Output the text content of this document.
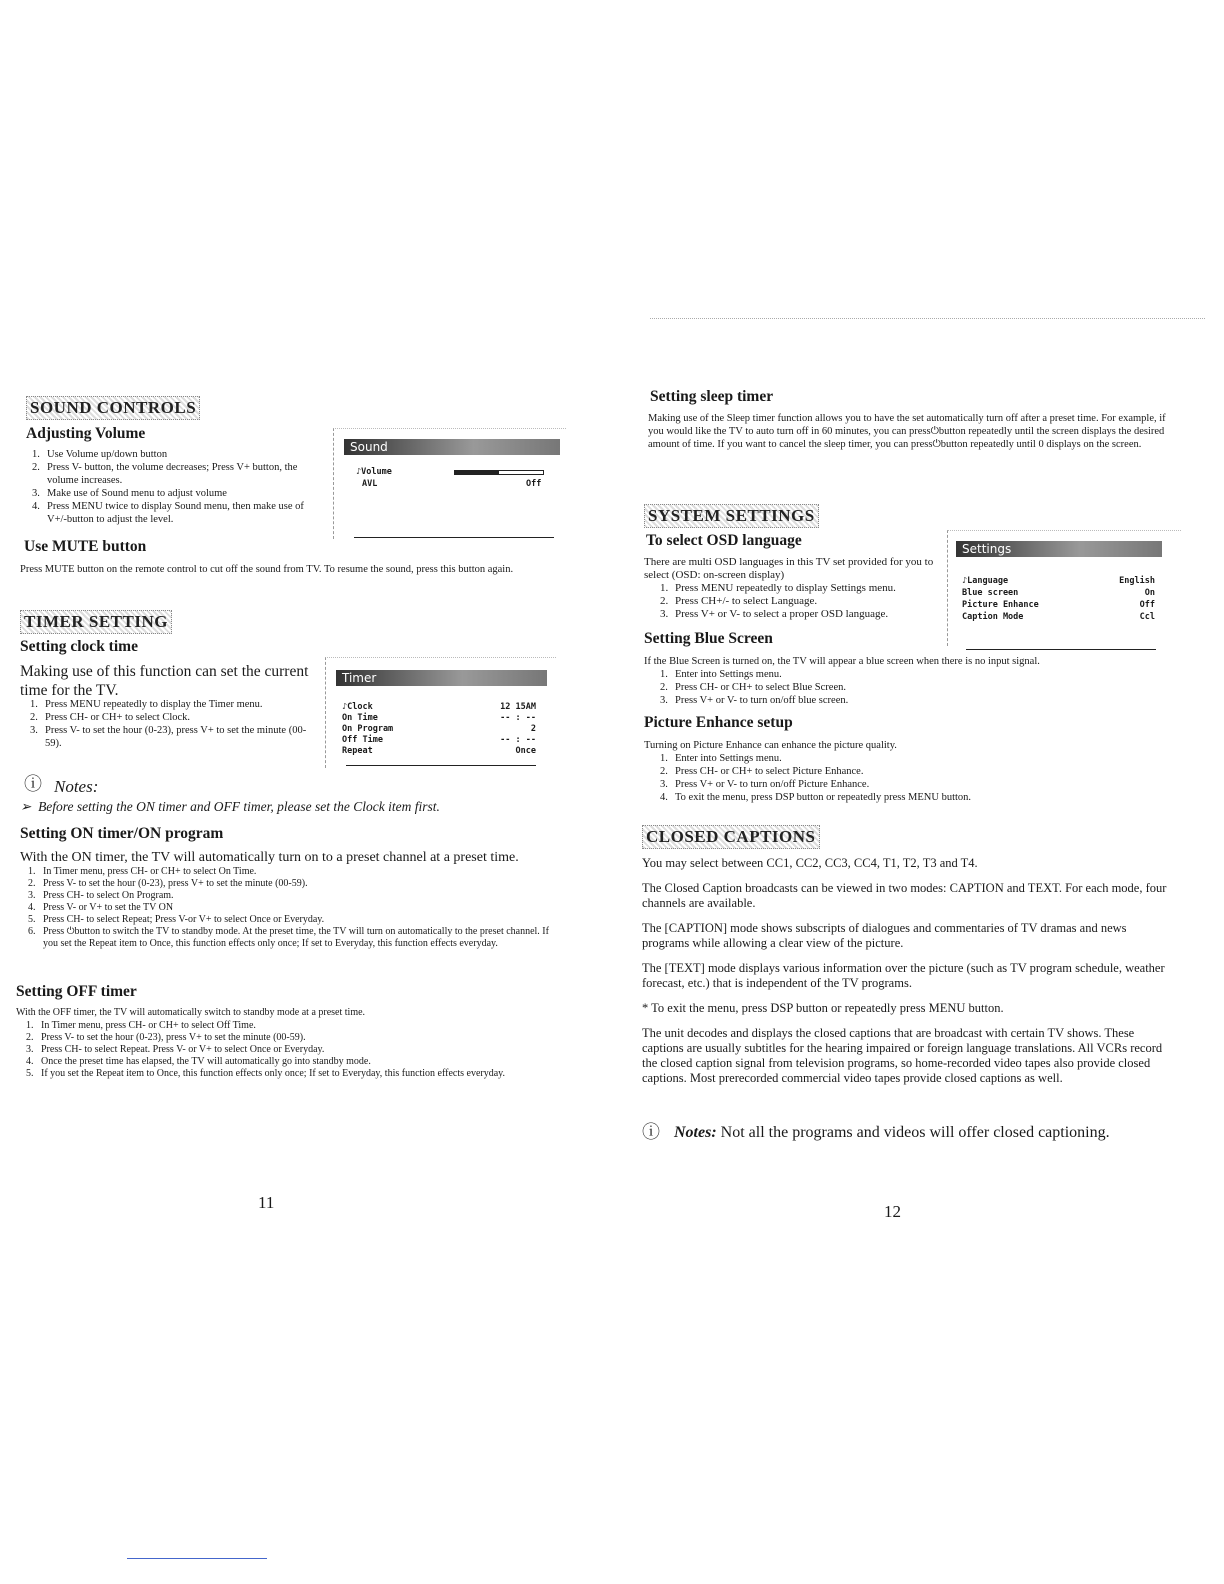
SOUND CONTROLS
Adjusting Volume
1. Use Volume up/down button
2. Press V- button, the volume decreases; Press V+ button, the volume increases.
3. Make use of Sound menu to adjust volume
4. Press MENU twice to display Sound menu, then make use of V+/-button to adjust the level.
Sound
♪Volume
AVL	Off
Use MUTE button
Press MUTE button on the remote control to cut off the sound from TV. To resume the sound, press this button again.
TIMER SETTING
Setting clock time
Making use of this function can set the current time for the TV.
1. Press MENU repeatedly to display the Timer menu.
2. Press CH- or CH+ to select Clock.
3. Press V- to set the hour (0-23), press V+ to set the minute (00-59).
Timer
♪Clock	12 15AM
On Time	-- : --
On Program	2
Off Time	-- : --
Repeat	Once
ⓘ Notes:
➢  Before setting the ON timer and OFF timer, please set the Clock item first.
Setting ON timer/ON program
With the ON timer, the TV will automatically turn on to a preset channel at a preset time.
1. In Timer menu, press CH- or CH+ to select On Time.
2. Press V- to set the hour (0-23), press V+ to set the minute (00-59).
3. Press CH- to select On Program.
4. Press V- or V+ to set the TV ON
5. Press CH- to select Repeat; Press V-or V+ to select Once or Everyday.
6. Press ⏻button to switch the TV to standby mode. At the preset time, the TV will turn on automatically to the preset channel. If you set the Repeat item to Once, this function effects only once; If set to Everyday, this function effects everyday.
Setting OFF timer
With the OFF timer, the TV will automatically switch to standby mode at a preset time.
1. In Timer menu, press CH- or CH+ to select Off Time.
2. Press V- to set the hour (0-23), press V+ to set the minute (00-59).
3. Press CH- to select Repeat. Press V- or V+ to select Once or Everyday.
4. Once the preset time has elapsed, the TV will automatically go into standby mode.
5. If you set the Repeat item to Once, this function effects only once; If set to Everyday, this function effects everyday.
11
Setting sleep timer
Making use of the Sleep timer function allows you to have the set automatically turn off after a preset time. For example, if you would like the TV to auto turn off in 60 minutes, you can press⏻button repeatedly until the screen displays the desired amount of time. If you want to cancel the sleep timer, you can press⏻button repeatedly until 0 displays on the screen.
SYSTEM SETTINGS
To select OSD language
There are multi OSD languages in this TV set provided for you to select (OSD: on-screen display)
1. Press MENU repeatedly to display Settings menu.
2. Press CH+/- to select Language.
3. Press V+ or V- to select a proper OSD language.
Settings
♪Language	English
Blue screen	On
Picture Enhance	Off
Caption Mode	Ccl
Setting Blue Screen
If the Blue Screen is turned on, the TV will appear a blue screen when there is no input signal.
1. Enter into Settings menu.
2. Press CH- or CH+ to select Blue Screen.
3. Press V+ or V- to turn on/off blue screen.
Picture Enhance setup
Turning on Picture Enhance can enhance the picture quality.
1. Enter into Settings menu.
2. Press CH- or CH+ to select Picture Enhance.
3. Press V+ or V- to turn on/off Picture Enhance.
4. To exit the menu, press DSP button or repeatedly press MENU button.
CLOSED CAPTIONS
You may select between CC1, CC2, CC3, CC4, T1, T2, T3 and T4.
The Closed Caption broadcasts can be viewed in two modes: CAPTION and TEXT. For each mode, four channels are available.
The [CAPTION] mode shows subscripts of dialogues and commentaries of TV dramas and news programs while allowing a clear view of the picture.
The [TEXT] mode displays various information over the picture (such as TV program schedule, weather forecast, etc.) that is independent of the TV programs.
* To exit the menu, press DSP button or repeatedly press MENU button.
The unit decodes and displays the closed captions that are broadcast with certain TV shows. These captions are usually subtitles for the hearing impaired or foreign language translations. All VCRs record the closed caption signal from television programs, so home-recorded video tapes also provide closed captions. Most prerecorded commercial video tapes provide closed captions as well.
ⓘ Notes: Not all the programs and videos will offer closed captioning.
12
